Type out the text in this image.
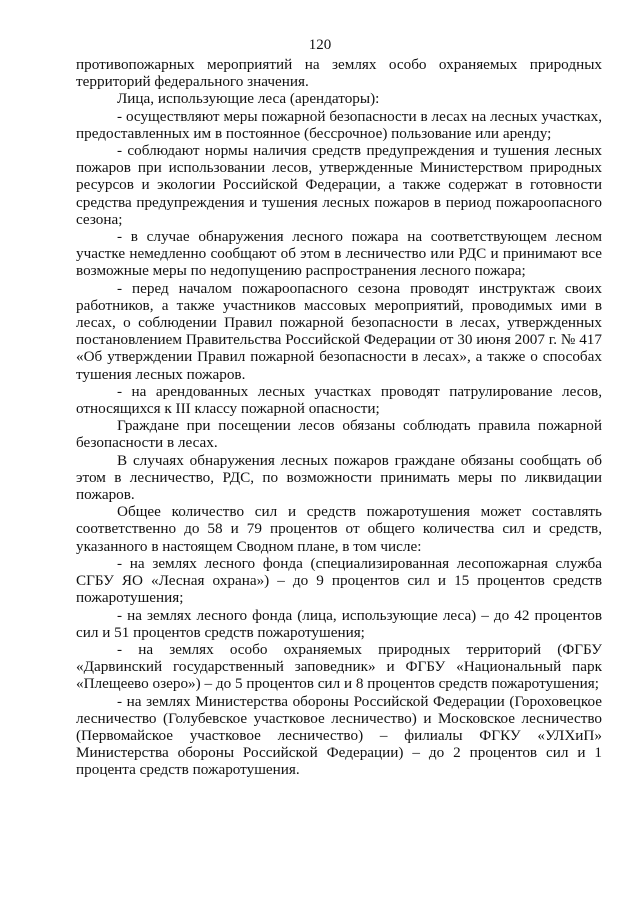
120

противопожарных мероприятий на землях особо охраняемых природных территорий федерального значения.

Лица, использующие леса (арендаторы):

- осуществляют меры пожарной безопасности в лесах на лесных участках, предоставленных им в постоянное (бессрочное) пользование или аренду;

- соблюдают нормы наличия средств предупреждения и тушения лесных пожаров при использовании лесов, утвержденные Министерством природных ресурсов и экологии Российской Федерации, а также содержат в готовности средства предупреждения и тушения лесных пожаров в период пожароопасного сезона;

- в случае обнаружения лесного пожара на соответствующем лесном участке немедленно сообщают об этом в лесничество или РДС и принимают все возможные меры по недопущению распространения лесного пожара;

- перед началом пожароопасного сезона проводят инструктаж своих работников, а также участников массовых мероприятий, проводимых ими в лесах, о соблюдении Правил пожарной безопасности в лесах, утвержденных постановлением Правительства Российской Федерации от 30 июня 2007 г. № 417 «Об утверждении Правил пожарной безопасности в лесах», а также о способах тушения лесных пожаров.

- на арендованных лесных участках проводят патрулирование лесов, относящихся к III классу пожарной опасности;

Граждане при посещении лесов обязаны соблюдать правила пожарной безопасности в лесах.

В случаях обнаружения лесных пожаров граждане обязаны сообщать об этом в лесничество, РДС, по возможности принимать меры по ликвидации пожаров.

Общее количество сил и средств пожаротушения может составлять соответственно до 58 и 79 процентов от общего количества сил и средств, указанного в настоящем Сводном плане, в том числе:

- на землях лесного фонда (специализированная лесопожарная служба СГБУ ЯО «Лесная охрана») – до 9 процентов сил и 15 процентов средств пожаротушения;

- на землях лесного фонда (лица, использующие леса) – до 42 процентов сил и 51 процентов средств пожаротушения;

- на землях особо охраняемых природных территорий (ФГБУ «Дарвинский государственный заповедник» и ФГБУ «Национальный парк «Плещеево озеро») – до 5 процентов сил и 8 процентов средств пожаротушения;

- на землях Министерства обороны Российской Федерации (Гороховецкое лесничество (Голубевское участковое лесничество) и Московское лесничество (Первомайское участковое лесничество) – филиалы ФГКУ «УЛХиП» Министерства обороны Российской Федерации) – до 2 процентов сил и 1 процента средств пожаротушения.
